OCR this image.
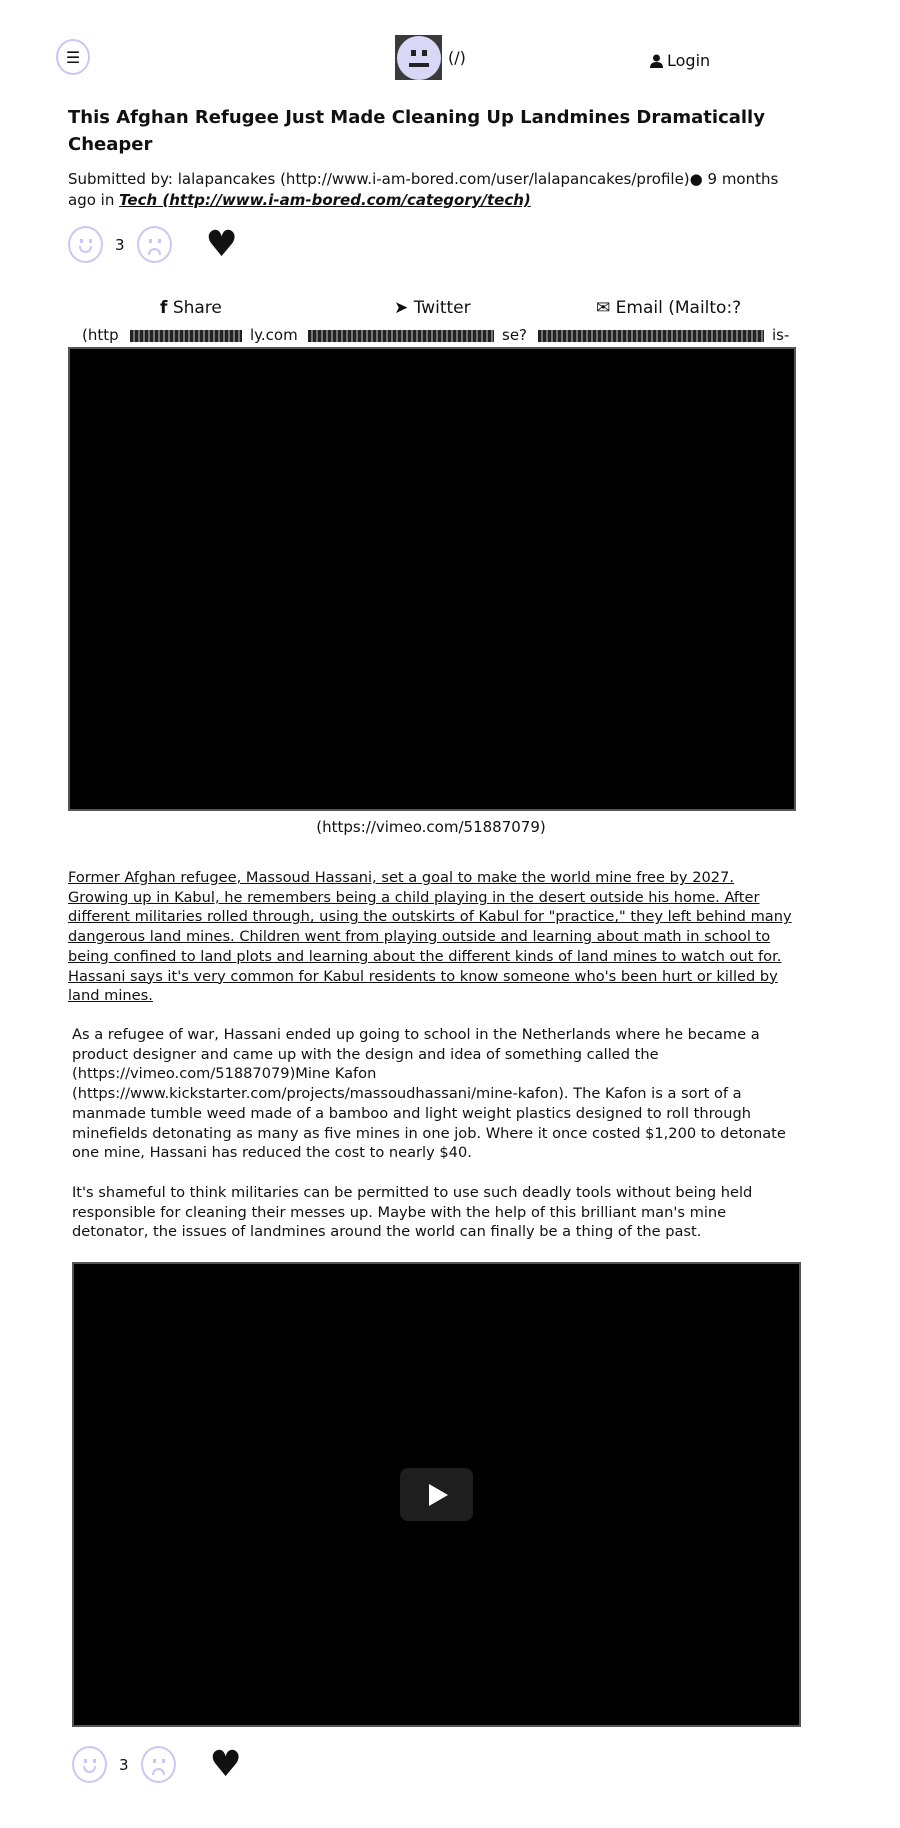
☰	(/)	Login
This Afghan Refugee Just Made Cleaning Up Landmines Dramatically Cheaper
Submitted by: lalapancakes (http://www.i-am-bored.com/user/lalapancakes/profile)● 9 months ago in Tech (http://www.i-am-bored.com/category/tech)
3 ♥
f Share	➤ Twitter	✉ Email (Mailto:?
(http	ly.com	se?	is-
(https://vimeo.com/51887079)

Former Afghan refugee, Massoud Hassani, set a goal to make the world mine free by 2027. Growing up in Kabul, he remembers being a child playing in the desert outside his home. After different militaries rolled through, using the outskirts of Kabul for "practice," they left behind many dangerous land mines. Children went from playing outside and learning about math in school to being confined to land plots and learning about the different kinds of land mines to watch out for. Hassani says it's very common for Kabul residents to know someone who's been hurt or killed by land mines.

As a refugee of war, Hassani ended up going to school in the Netherlands where he became a product designer and came up with the design and idea of something called the (https://vimeo.com/51887079)Mine Kafon (https://www.kickstarter.com/projects/massoudhassani/mine-kafon). The Kafon is a sort of a manmade tumble weed made of a bamboo and light weight plastics designed to roll through minefields detonating as many as five mines in one job. Where it once costed $1,200 to detonate one mine, Hassani has reduced the cost to nearly $40.

It's shameful to think militaries can be permitted to use such deadly tools without being held responsible for cleaning their messes up. Maybe with the help of this brilliant man's mine detonator, the issues of landmines around the world can finally be a thing of the past.

3 ♥
